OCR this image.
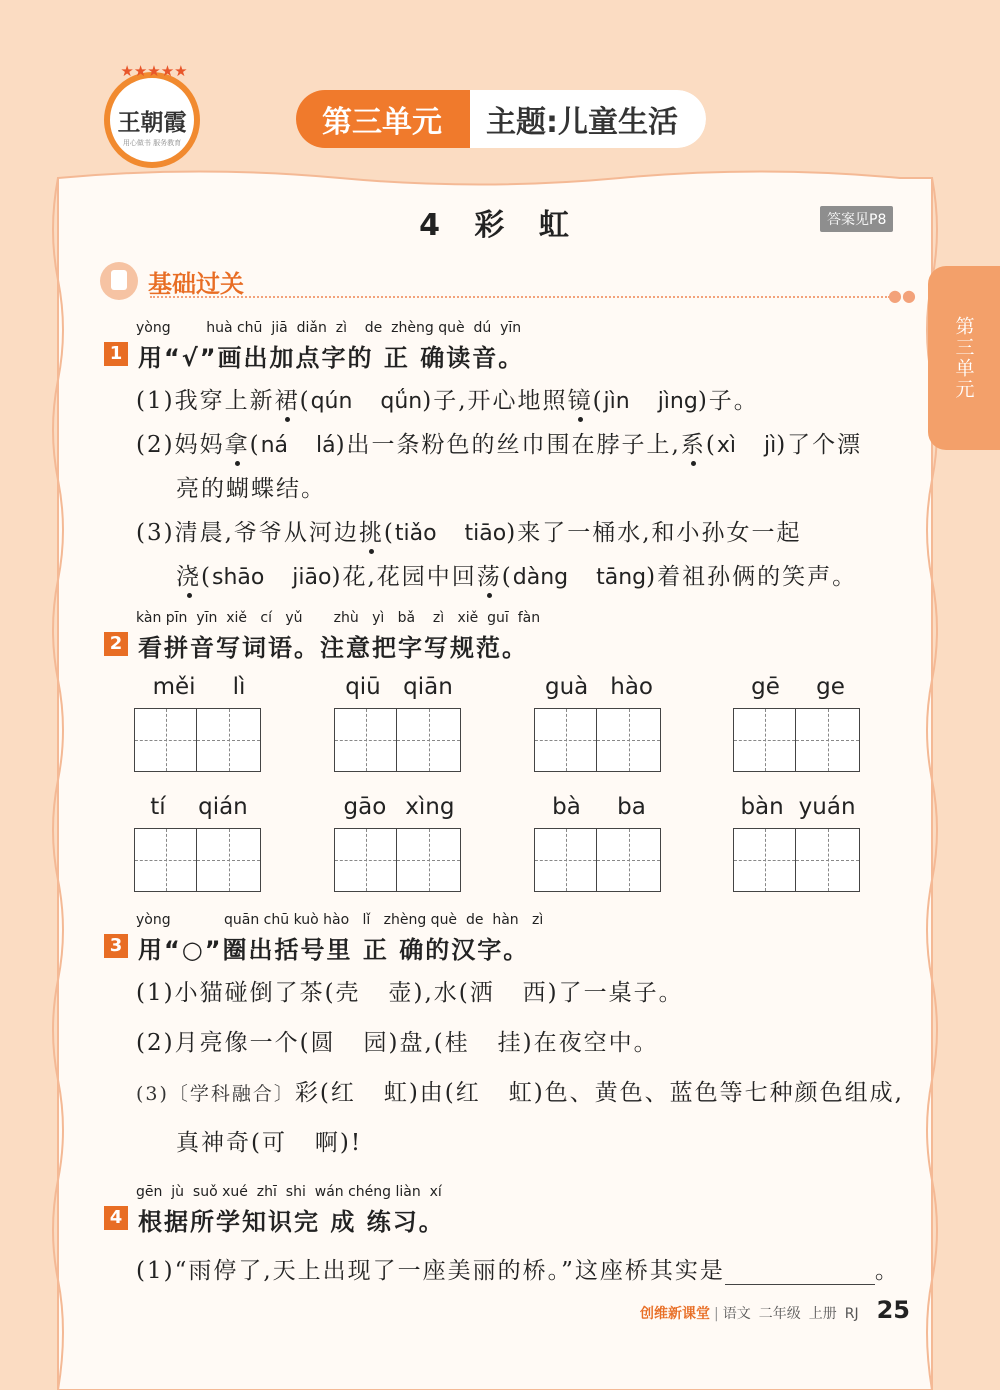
★★★★★
王朝霞
用心做书 服务教育
第三单元	主题:儿童生活
第三单元
4 彩 虹	答案见P8
基础过关	●●
yòng        huà chū  jiā  diǎn  zì    de  zhèng què  dú  yīn
1 用“√”画出加点字的 正 确读音。
(1)我穿上新裙(qún    qǘn)子,开心地照镜(jìn    jìng)子。
(2)妈妈拿(ná    lá)出一条粉色的丝巾围在脖子上,系(xì    jì)了个漂
亮的蝴蝶结。
(3)清晨,爷爷从河边挑(tiǎo    tiāo)来了一桶水,和小孙女一起
浇(shāo    jiāo)花,花园中回荡(dàng    tāng)着祖孙俩的笑声。
kàn pīn  yīn  xiě   cí   yǔ       zhù   yì   bǎ    zì   xiě  guī  fàn
2 看拼音写词语。注意把字写规范。
měi lì	qiū qiān	guà hào	gē ge
tí qián	gāo xìng	bà ba	bàn yuán
yòng            quān chū kuò hào   lǐ   zhèng què  de  hàn   zì
3 用“○”圈出括号里 正 确的汉字。
(1)小猫碰倒了茶(壳   壶),水(洒   西)了一桌子。
(2)月亮像一个(圆   园)盘,(桂   挂)在夜空中。
(3)〔学科融合〕彩(红   虹)由(红   虹)色、黄色、蓝色等七种颜色组成,
真神奇(可   啊)!
gēn  jù  suǒ xué  zhī  shi  wán chéng liàn  xí
4 根据所学知识完 成 练习。
(1)“雨停了,天上出现了一座美丽的桥。”这座桥其实是	。
创维新课堂 | 语文 二年级 上册 RJ 25
